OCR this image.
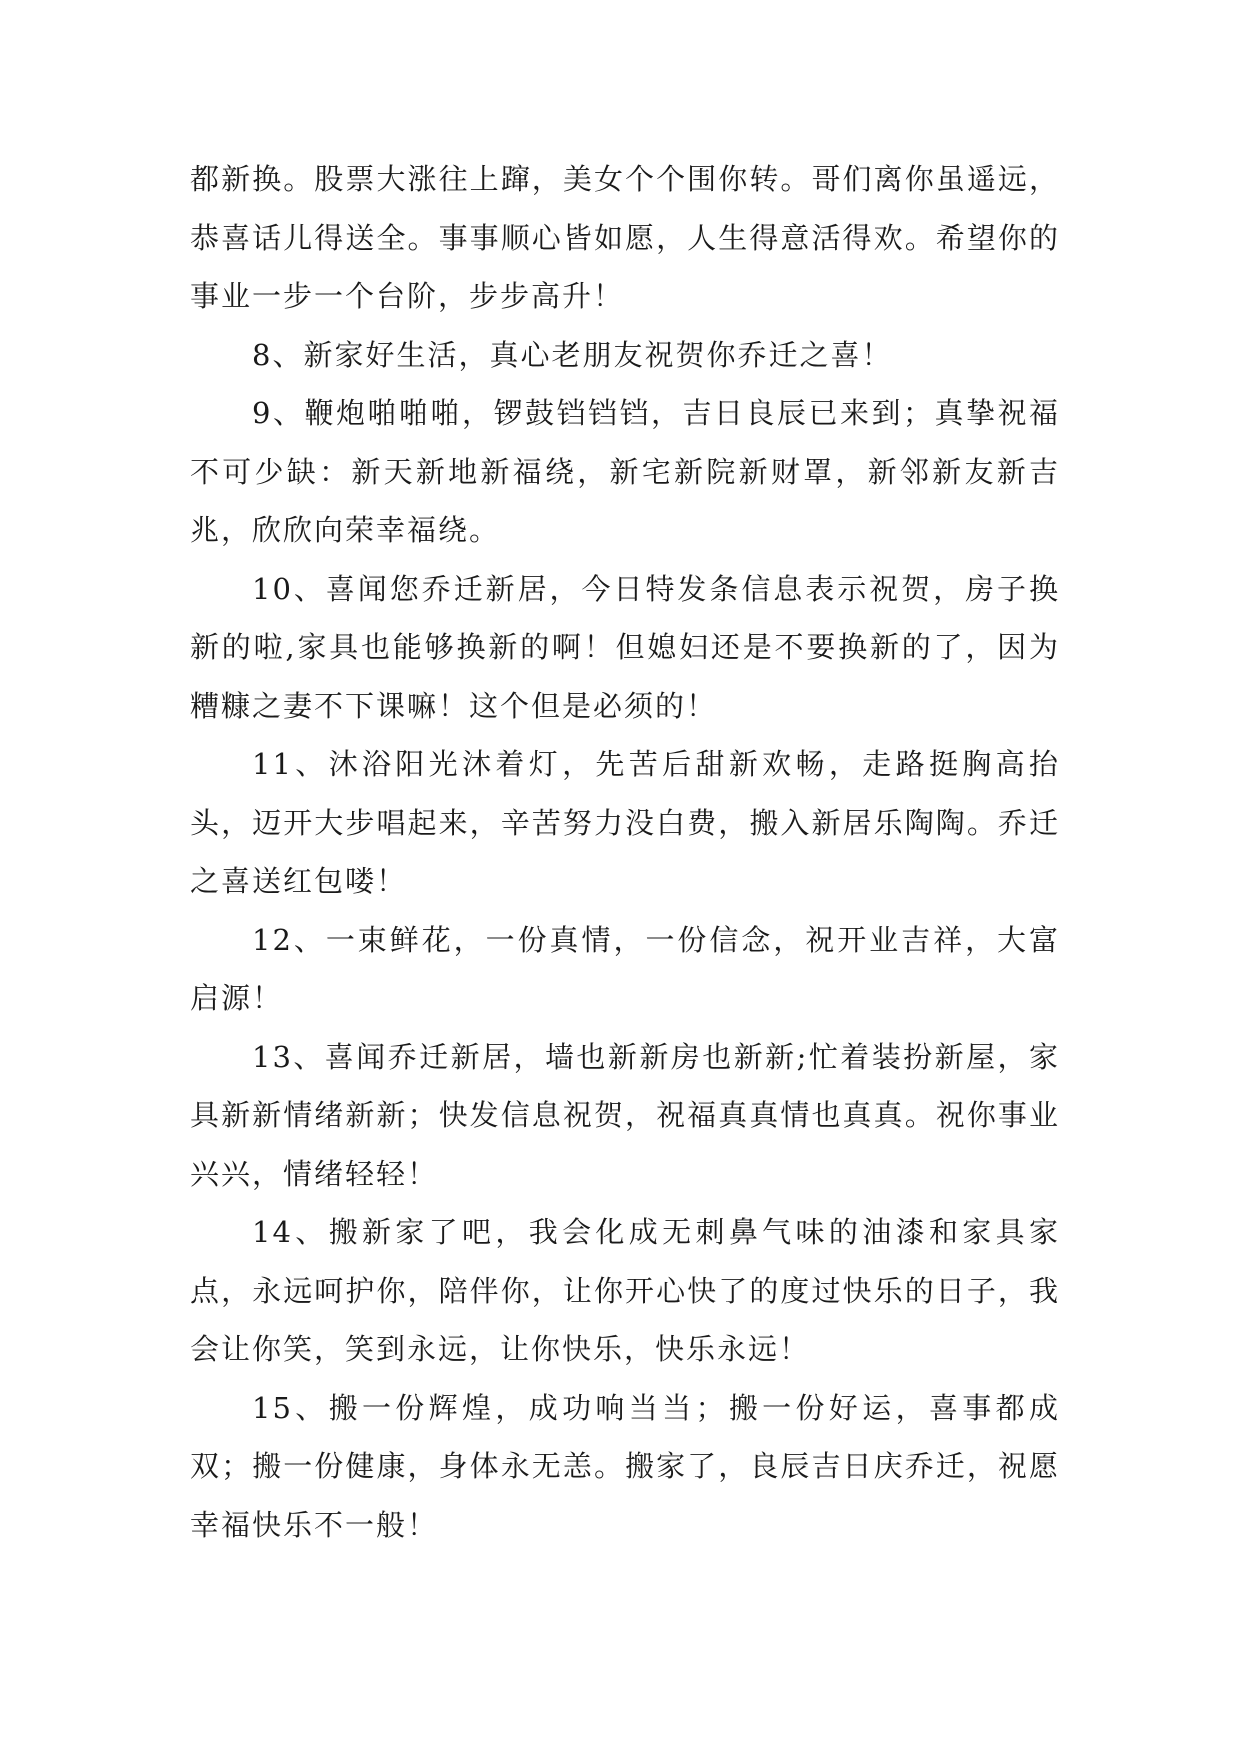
都新换。股票大涨往上蹿，美女个个围你转。哥们离你虽遥远，恭喜话儿得送全。事事顺心皆如愿，人生得意活得欢。希望你的事业一步一个台阶，步步高升！

8、新家好生活，真心老朋友祝贺你乔迁之喜！

9、鞭炮啪啪啪，锣鼓铛铛铛，吉日良辰已来到；真挚祝福不可少缺：新天新地新福绕，新宅新院新财罩，新邻新友新吉兆，欣欣向荣幸福绕。

10、喜闻您乔迁新居，今日特发条信息表示祝贺，房子换新的啦,家具也能够换新的啊！但媳妇还是不要换新的了，因为糟糠之妻不下课嘛！这个但是必须的！

11、沐浴阳光沐着灯，先苦后甜新欢畅，走路挺胸高抬头，迈开大步唱起来，辛苦努力没白费，搬入新居乐陶陶。乔迁之喜送红包喽！

12、一束鲜花，一份真情，一份信念，祝开业吉祥，大富启源！

13、喜闻乔迁新居，墙也新新房也新新;忙着装扮新屋，家具新新情绪新新；快发信息祝贺，祝福真真情也真真。祝你事业兴兴，情绪轻轻！

14、搬新家了吧，我会化成无刺鼻气味的油漆和家具家点，永远呵护你，陪伴你，让你开心快了的度过快乐的日子，我会让你笑，笑到永远，让你快乐，快乐永远！

15、搬一份辉煌，成功响当当；搬一份好运，喜事都成双；搬一份健康，身体永无恙。搬家了，良辰吉日庆乔迁，祝愿幸福快乐不一般！
